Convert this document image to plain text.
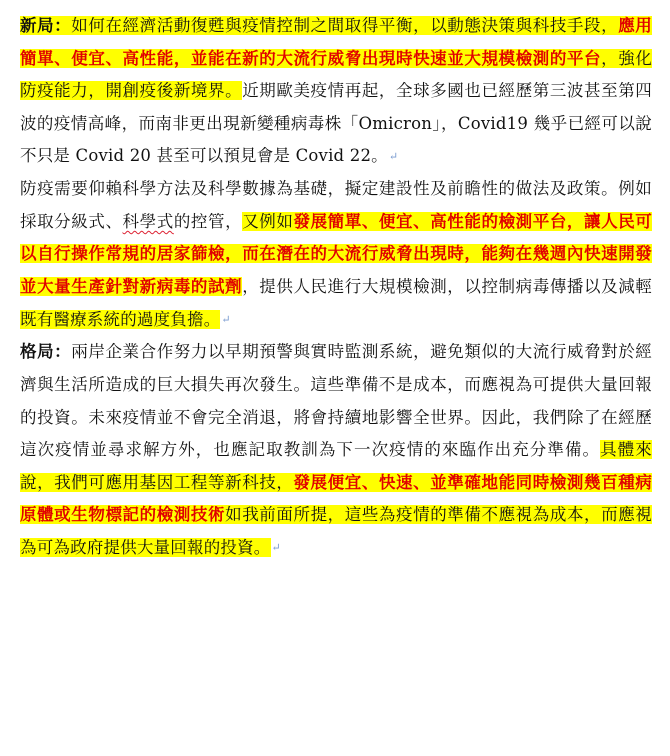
新局：如何在經濟活動復甦與疫情控制之間取得平衡，以動態決策與科技手段，應用簡單、便宜、高性能，並能在新的大流行威脅出現時快速並大規模檢測的平台，強化防疫能力，開創疫後新境界。近期歐美疫情再起，全球多國也已經歷第三波甚至第四波的疫情高峰，而南非更出現新變種病毒株「Omicron」，Covid19 幾乎已經可以說不只是 Covid 20 甚至可以預見會是 Covid 22。↵

防疫需要仰賴科學方法及科學數據為基礎，擬定建設性及前瞻性的做法及政策。例如採取分級式、科學式的控管，又例如發展簡單、便宜、高性能的檢測平台，讓人民可以自行操作常規的居家篩檢，而在潛在的大流行威脅出現時，能夠在幾週內快速開發並大量生產針對新病毒的試劑，提供人民進行大規模檢測，以控制病毒傳播以及減輕既有醫療系統的過度負擔。↵

格局：兩岸企業合作努力以早期預警與實時監測系統，避免類似的大流行威脅對於經濟與生活所造成的巨大損失再次發生。這些準備不是成本，而應視為可提供大量回報的投資。未來疫情並不會完全消退，將會持續地影響全世界。因此，我們除了在經歷這次疫情並尋求解方外，也應記取教訓為下一次疫情的來臨作出充分準備。具體來說，我們可應用基因工程等新科技，發展便宜、快速、並準確地能同時檢測幾百種病原體或生物標記的檢測技術如我前面所提，這些為疫情的準備不應視為成本，而應視為可為政府提供大量回報的投資。↵
